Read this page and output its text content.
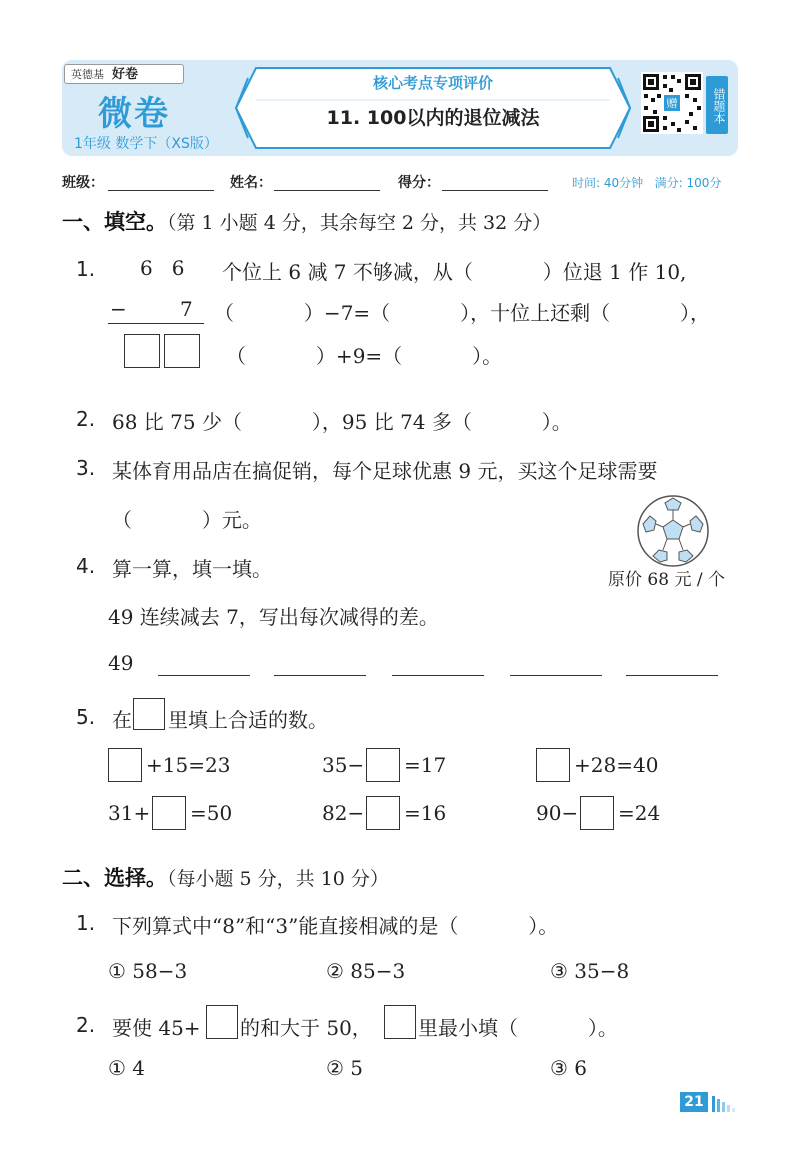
英德基 好卷
微卷
1年级 数学下（XS版）
核心考点专项评价
11. 100以内的退位减法
赠	错题本
班级：	姓名：	得分：	时间: 40分钟 满分: 100分
一、填空。（第 1 小题 4 分，其余每空 2 分，共 32 分）
1. 6   6 个位上 6 减 7 不够减，从（           ）位退 1 作 10,
−	7 （           ）−7=（           ），十位上还剩（           ），
（           ）+9=（           ）。
2. 68 比 75 少（           ），95 比 74 多（           ）。
3. 某体育用品店在搞促销，每个足球优惠 9 元，买这个足球需要
（           ）元。
原价 68 元 / 个
4. 算一算，填一填。
49 连续减去 7，写出每次减得的差。
49
5. 在 里填上合适的数。
+15=23	35− =17	+28=40
31+ =50	82− =16	90− =24
二、选择。（每小题 5 分，共 10 分）
1. 下列算式中“8”和“3”能直接相减的是（           ）。
① 58−3	② 85−3	③ 35−8
2. 要使 45+ 的和大于 50， 里最小填（           ）。
① 4	② 5	③ 6
21
